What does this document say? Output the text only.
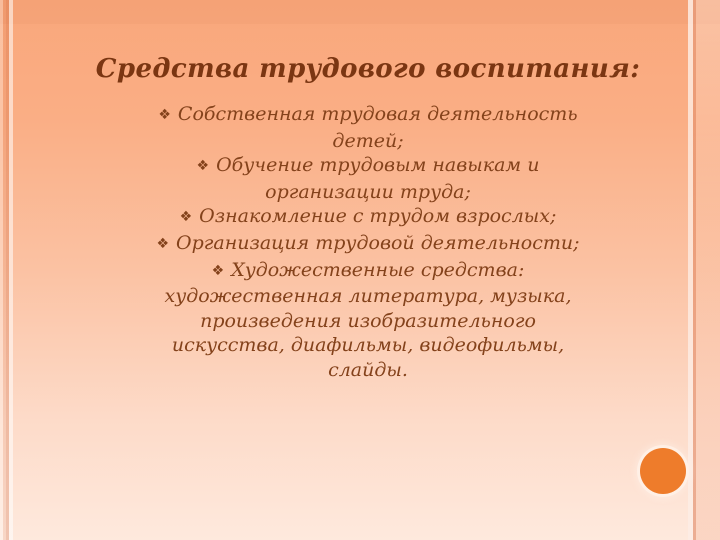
Средства трудового воспитания:
❖ Собственная трудовая деятельность
детей;
❖ Обучение трудовым навыкам и
организации труда;
❖ Ознакомление с трудом взрослых;
❖ Организация трудовой деятельности;
❖ Художественные средства:
художественная литература, музыка,
произведения изобразительного
искусства, диафильмы, видеофильмы,
слайды.
